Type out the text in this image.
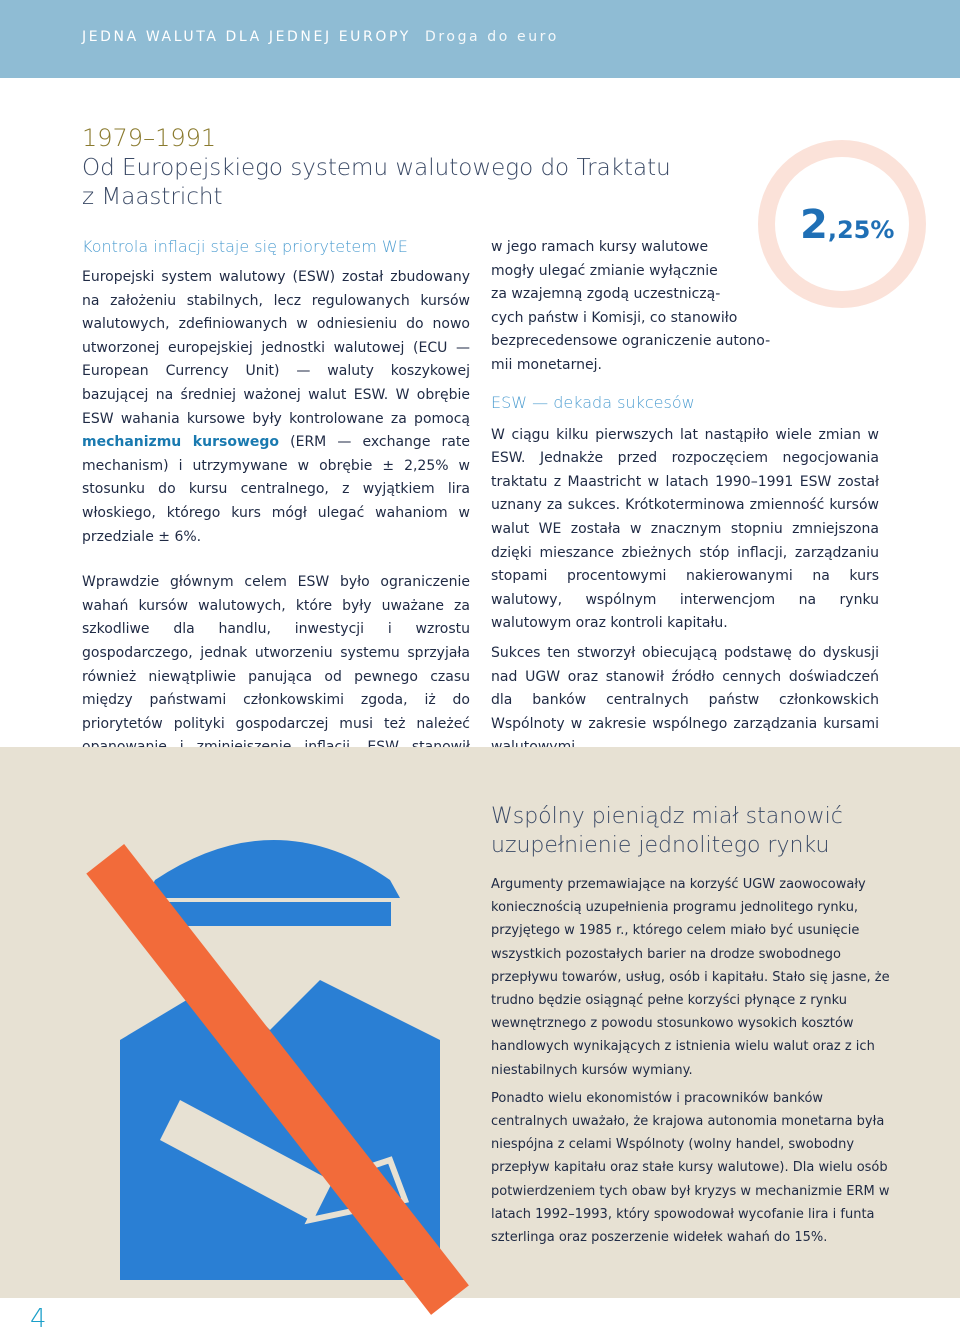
JEDNA WALUTA DLA JEDNEJ EUROPY Droga do euro
1979–1991
Od Europejskiego systemu walutowego do Traktatu
z Maastricht
Kontrola inflacji staje się priorytetem WE

Europejski system walutowy (ESW) został zbudowany na założeniu stabilnych, lecz regulowanych kursów walutowych, zdefiniowanych w odniesieniu do nowo utworzonej europejskiej jednostki walutowej (ECU — European Currency Unit) — waluty koszykowej bazującej na średniej ważonej walut ESW. W obrębie ESW wahania kursowe były kontrolowane za pomocą mechanizmu kursowego (ERM — exchange rate mechanism) i utrzymywane w obrębie ± 2,25% w stosunku do kursu centralnego, z wyjątkiem lira włoskiego, którego kurs mógł ulegać wahaniom w przedziale ± 6%.

Wprawdzie głównym celem ESW było ograniczenie wahań kursów walutowych, które były uważane za szkodliwe dla handlu, inwestycji i wzrostu gospodarczego, jednak utworzeniu systemu sprzyjała również niewątpliwie panująca od pewnego czasu między państwami członkowskimi zgoda, iż do priorytetów polityki gospodarczej musi też należeć

2,25%
w jego ramach kursy walutowe
mogły ulegać zmianie wyłącznie
za wzajemną zgodą uczestniczą-
cych państw i Komisji, co stanowiło
bezprecedensowe ograniczenie autono-
mii monetarnej.
ESW — dekada sukcesów

W ciągu kilku pierwszych lat nastąpiło wiele zmian w ESW. Jednakże przed rozpoczęciem negocjowania traktatu z Maastricht w latach 1990–1991 ESW został uznany za sukces. Krótkoterminowa zmienność kursów walut WE została w znacznym stopniu zmniejszona dzięki mieszance zbieżnych stóp inflacji, zarządzaniu stopami procentowymi nakierowanymi na kurs walutowy, wspólnym interwencjom na rynku walutowym oraz kontroli kapitału.

Sukces ten stworzył obiecującą podstawę do dyskusji nad UGW oraz stanowił źródło cennych doświadczeń dla banków centralnych państw członkowskich Wspólnoty w zakresie wspólnego zarządzania kursami

Wspólny pieniądz miał stanowić
uzupełnienie jednolitego rynku

Argumenty przemawiające na korzyść UGW zaowocowały koniecznością uzupełnienia programu jednolitego rynku, przyjętego w 1985 r., którego celem miało być usunięcie wszystkich pozostałych barier na drodze swobodnego przepływu towarów, usług, osób i kapitału. Stało się jasne, że trudno będzie osiągnąć pełne korzyści płynące z rynku wewnętrznego z powodu stosunkowo wysokich kosztów handlowych wynikających z istnienia wielu walut oraz z ich niestabilnych kursów wymiany.

Ponadto wielu ekonomistów i pracowników banków centralnych uważało, że krajowa autonomia monetarna była niespójna z celami Wspólnoty (wolny handel, swobodny przepływ kapitału oraz stałe kursy walutowe). Dla wielu osób potwierdzeniem tych obaw był kryzys w mechanizmie ERM w latach 1992–1993, który spowodował wycofanie lira i funta szterlinga oraz poszerzenie widełek wahań do 15%.

4
